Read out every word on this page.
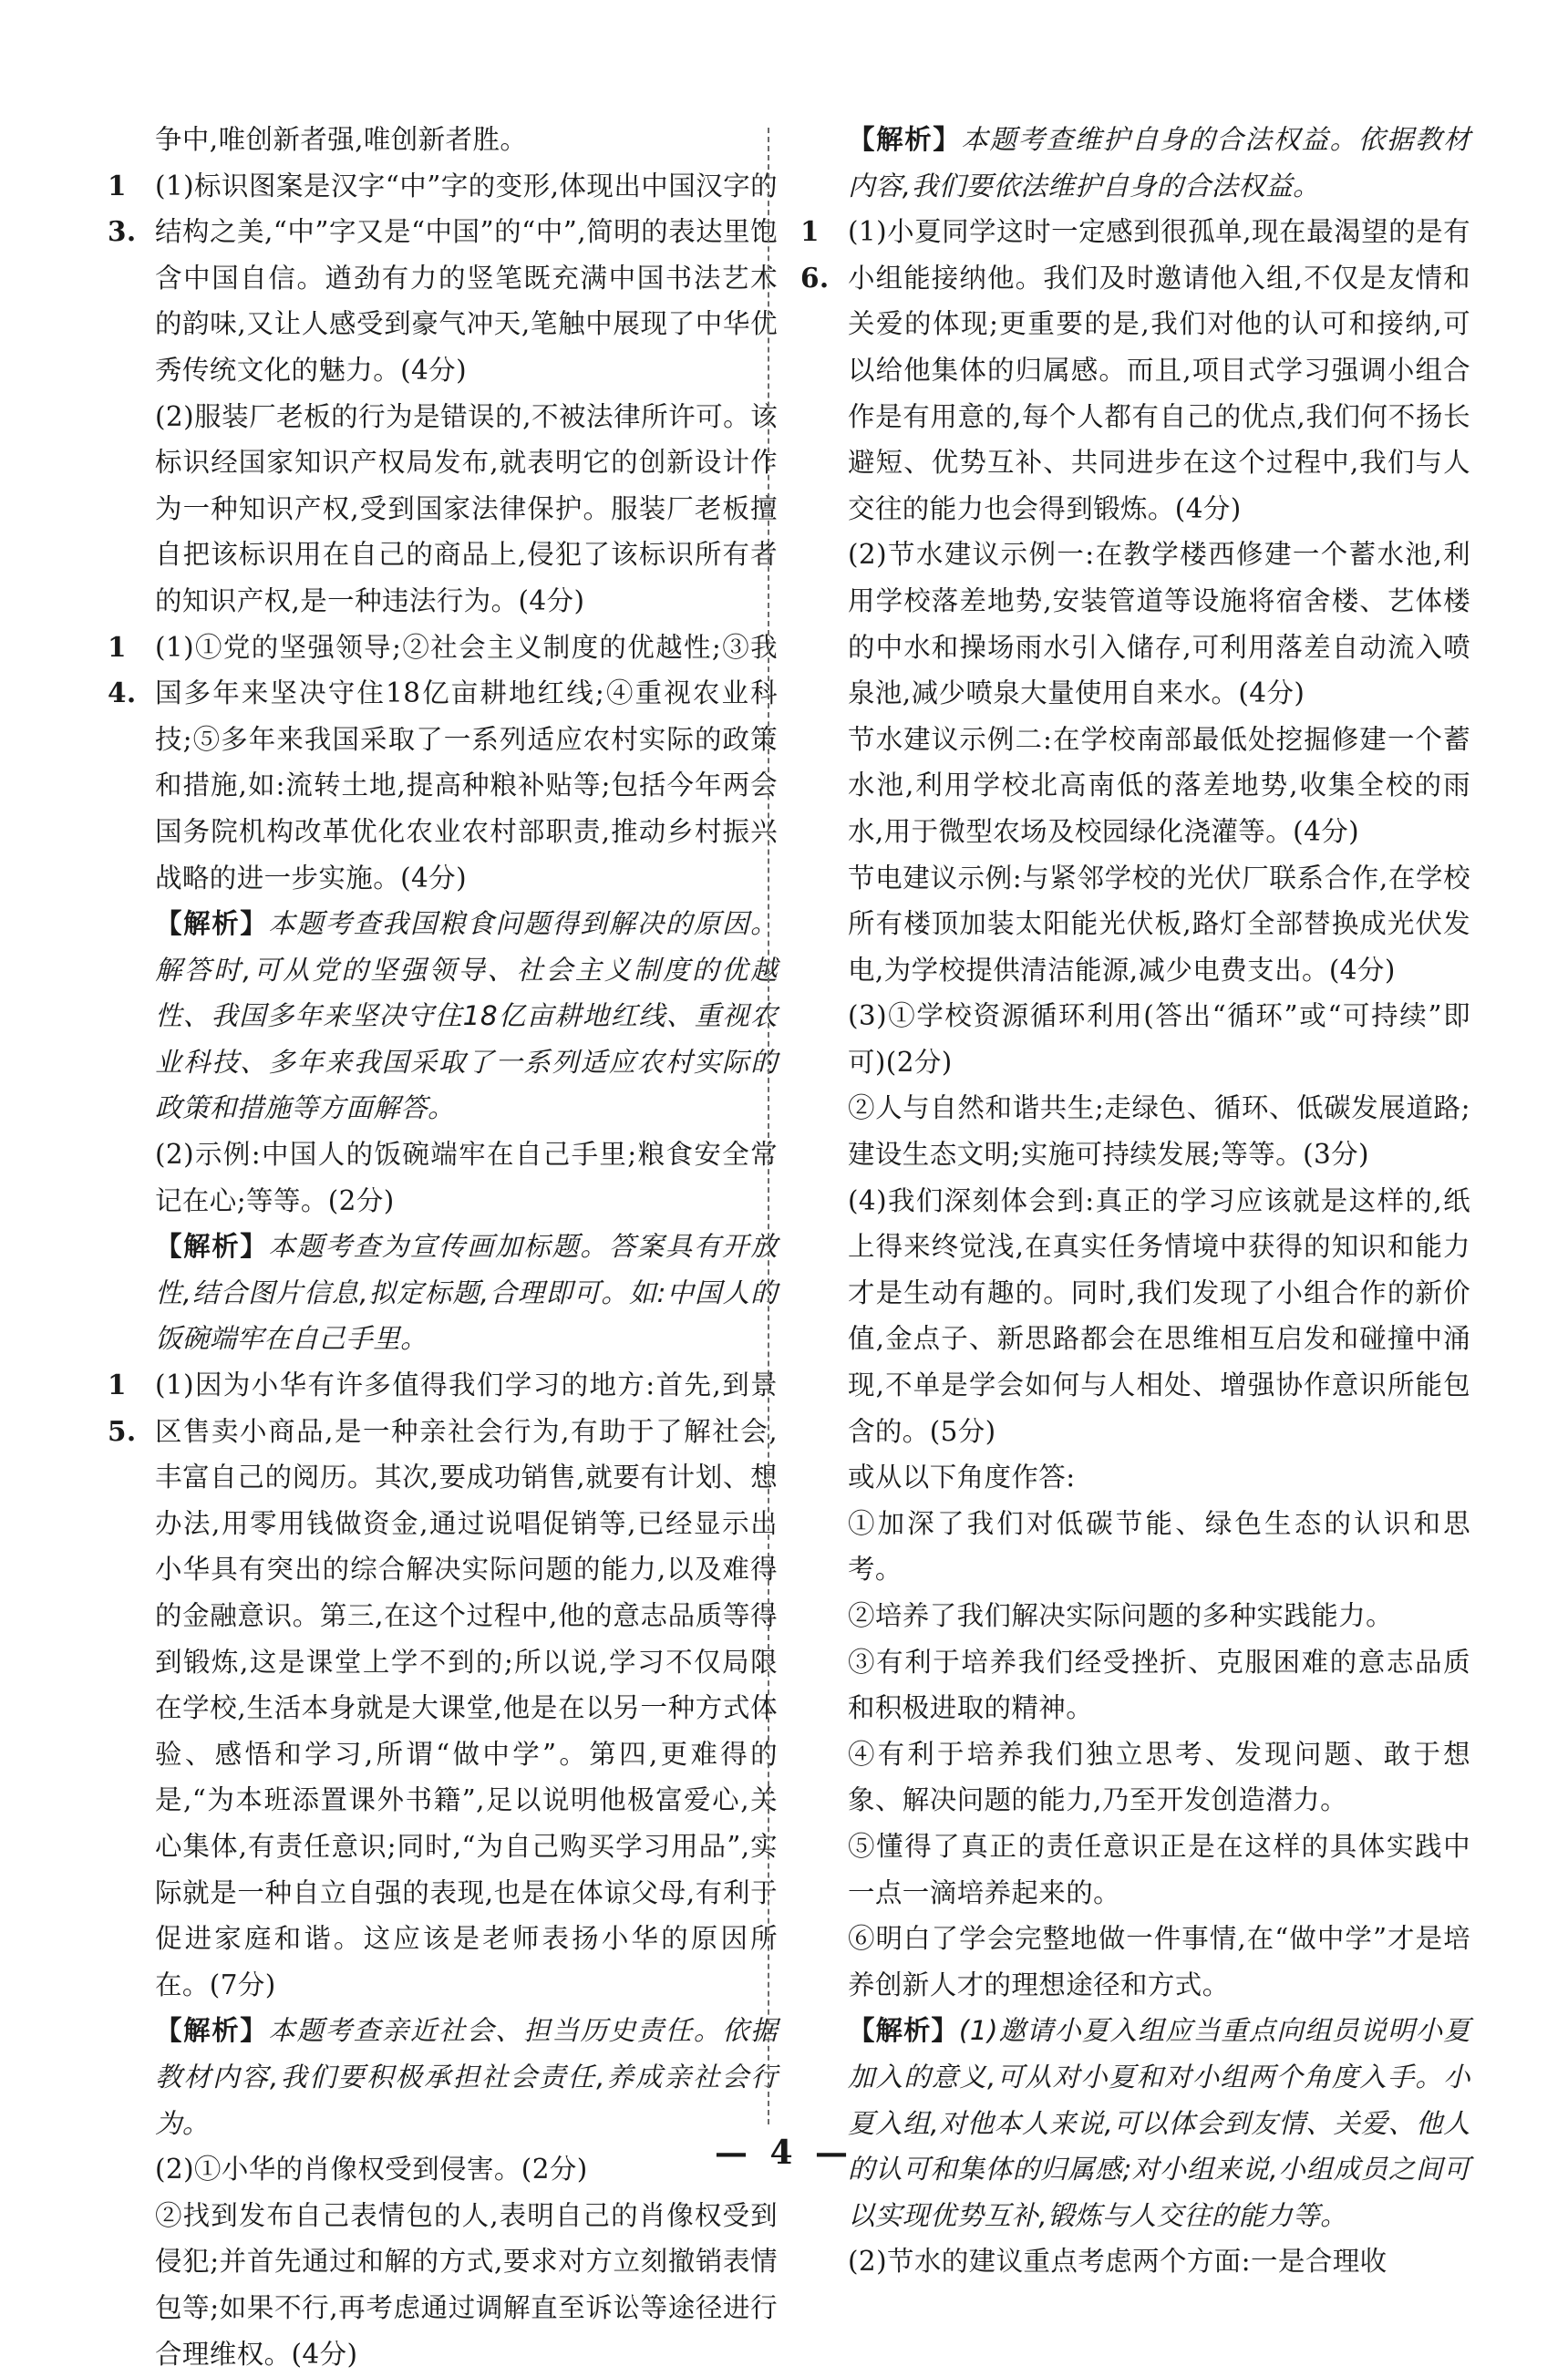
争中,唯创新者强,唯创新者胜。

13.
(1)标识图案是汉字“中”字的变形,体现出中国汉字的结构之美,“中”字又是“中国”的“中”,简明的表达里饱含中国自信。遒劲有力的竖笔既充满中国书法艺术的韵味,又让人感受到豪气冲天,笔触中展现了中华优秀传统文化的魅力。(4分)

(2)服装厂老板的行为是错误的,不被法律所许可。该标识经国家知识产权局发布,就表明它的创新设计作为一种知识产权,受到国家法律保护。服装厂老板擅自把该标识用在自己的商品上,侵犯了该标识所有者的知识产权,是一种违法行为。(4分)

14.
(1)①党的坚强领导;②社会主义制度的优越性;③我国多年来坚决守住18亿亩耕地红线;④重视农业科技;⑤多年来我国采取了一系列适应农村实际的政策和措施,如:流转土地,提高种粮补贴等;包括今年两会国务院机构改革优化农业农村部职责,推动乡村振兴战略的进一步实施。(4分)

【解析】本题考查我国粮食问题得到解决的原因。解答时,可从党的坚强领导、社会主义制度的优越性、我国多年来坚决守住18亿亩耕地红线、重视农业科技、多年来我国采取了一系列适应农村实际的政策和措施等方面解答。

(2)示例:中国人的饭碗端牢在自己手里;粮食安全常记在心;等等。(2分)

【解析】本题考查为宣传画加标题。答案具有开放性,结合图片信息,拟定标题,合理即可。如:中国人的饭碗端牢在自己手里。

15.
(1)因为小华有许多值得我们学习的地方:首先,到景区售卖小商品,是一种亲社会行为,有助于了解社会,丰富自己的阅历。其次,要成功销售,就要有计划、想办法,用零用钱做资金,通过说唱促销等,已经显示出小华具有突出的综合解决实际问题的能力,以及难得的金融意识。第三,在这个过程中,他的意志品质等得到锻炼,这是课堂上学不到的;所以说,学习不仅局限在学校,生活本身就是大课堂,他是在以另一种方式体验、感悟和学习,所谓“做中学”。第四,更难得的是,“为本班添置课外书籍”,足以说明他极富爱心,关心集体,有责任意识;同时,“为自己购买学习用品”,实际就是一种自立自强的表现,也是在体谅父母,有利于促进家庭和谐。这应该是老师表扬小华的原因所在。(7分)

【解析】本题考查亲近社会、担当历史责任。依据教材内容,我们要积极承担社会责任,养成亲社会行为。

(2)①小华的肖像权受到侵害。(2分)

②找到发布自己表情包的人,表明自己的肖像权受到侵犯;并首先通过和解的方式,要求对方立刻撤销表情包等;如果不行,再考虑通过调解直至诉讼等途径进行合理维权。(4分)

【解析】本题考查维护自身的合法权益。依据教材内容,我们要依法维护自身的合法权益。

16.
(1)小夏同学这时一定感到很孤单,现在最渴望的是有小组能接纳他。我们及时邀请他入组,不仅是友情和关爱的体现;更重要的是,我们对他的认可和接纳,可以给他集体的归属感。而且,项目式学习强调小组合作是有用意的,每个人都有自己的优点,我们何不扬长避短、优势互补、共同进步在这个过程中,我们与人交往的能力也会得到锻炼。(4分)

(2)节水建议示例一:在教学楼西修建一个蓄水池,利用学校落差地势,安装管道等设施将宿舍楼、艺体楼的中水和操场雨水引入储存,可利用落差自动流入喷泉池,减少喷泉大量使用自来水。(4分)

节水建议示例二:在学校南部最低处挖掘修建一个蓄水池,利用学校北高南低的落差地势,收集全校的雨水,用于微型农场及校园绿化浇灌等。(4分)

节电建议示例:与紧邻学校的光伏厂联系合作,在学校所有楼顶加装太阳能光伏板,路灯全部替换成光伏发电,为学校提供清洁能源,减少电费支出。(4分)

(3)①学校资源循环利用(答出“循环”或“可持续”即可)(2分)

②人与自然和谐共生;走绿色、循环、低碳发展道路;建设生态文明;实施可持续发展;等等。(3分)

(4)我们深刻体会到:真正的学习应该就是这样的,纸上得来终觉浅,在真实任务情境中获得的知识和能力才是生动有趣的。同时,我们发现了小组合作的新价值,金点子、新思路都会在思维相互启发和碰撞中涌现,不单是学会如何与人相处、增强协作意识所能包含的。(5分)

或从以下角度作答:

①加深了我们对低碳节能、绿色生态的认识和思考。

②培养了我们解决实际问题的多种实践能力。

③有利于培养我们经受挫折、克服困难的意志品质和积极进取的精神。

④有利于培养我们独立思考、发现问题、敢于想象、解决问题的能力,乃至开发创造潜力。

⑤懂得了真正的责任意识正是在这样的具体实践中一点一滴培养起来的。

⑥明白了学会完整地做一件事情,在“做中学”才是培养创新人才的理想途径和方式。

【解析】(1)邀请小夏入组应当重点向组员说明小夏加入的意义,可从对小夏和对小组两个角度入手。小夏入组,对他本人来说,可以体会到友情、关爱、他人的认可和集体的归属感;对小组来说,小组成员之间可以实现优势互补,锻炼与人交往的能力等。

(2)节水的建议重点考虑两个方面:一是合理收

— 4 —
